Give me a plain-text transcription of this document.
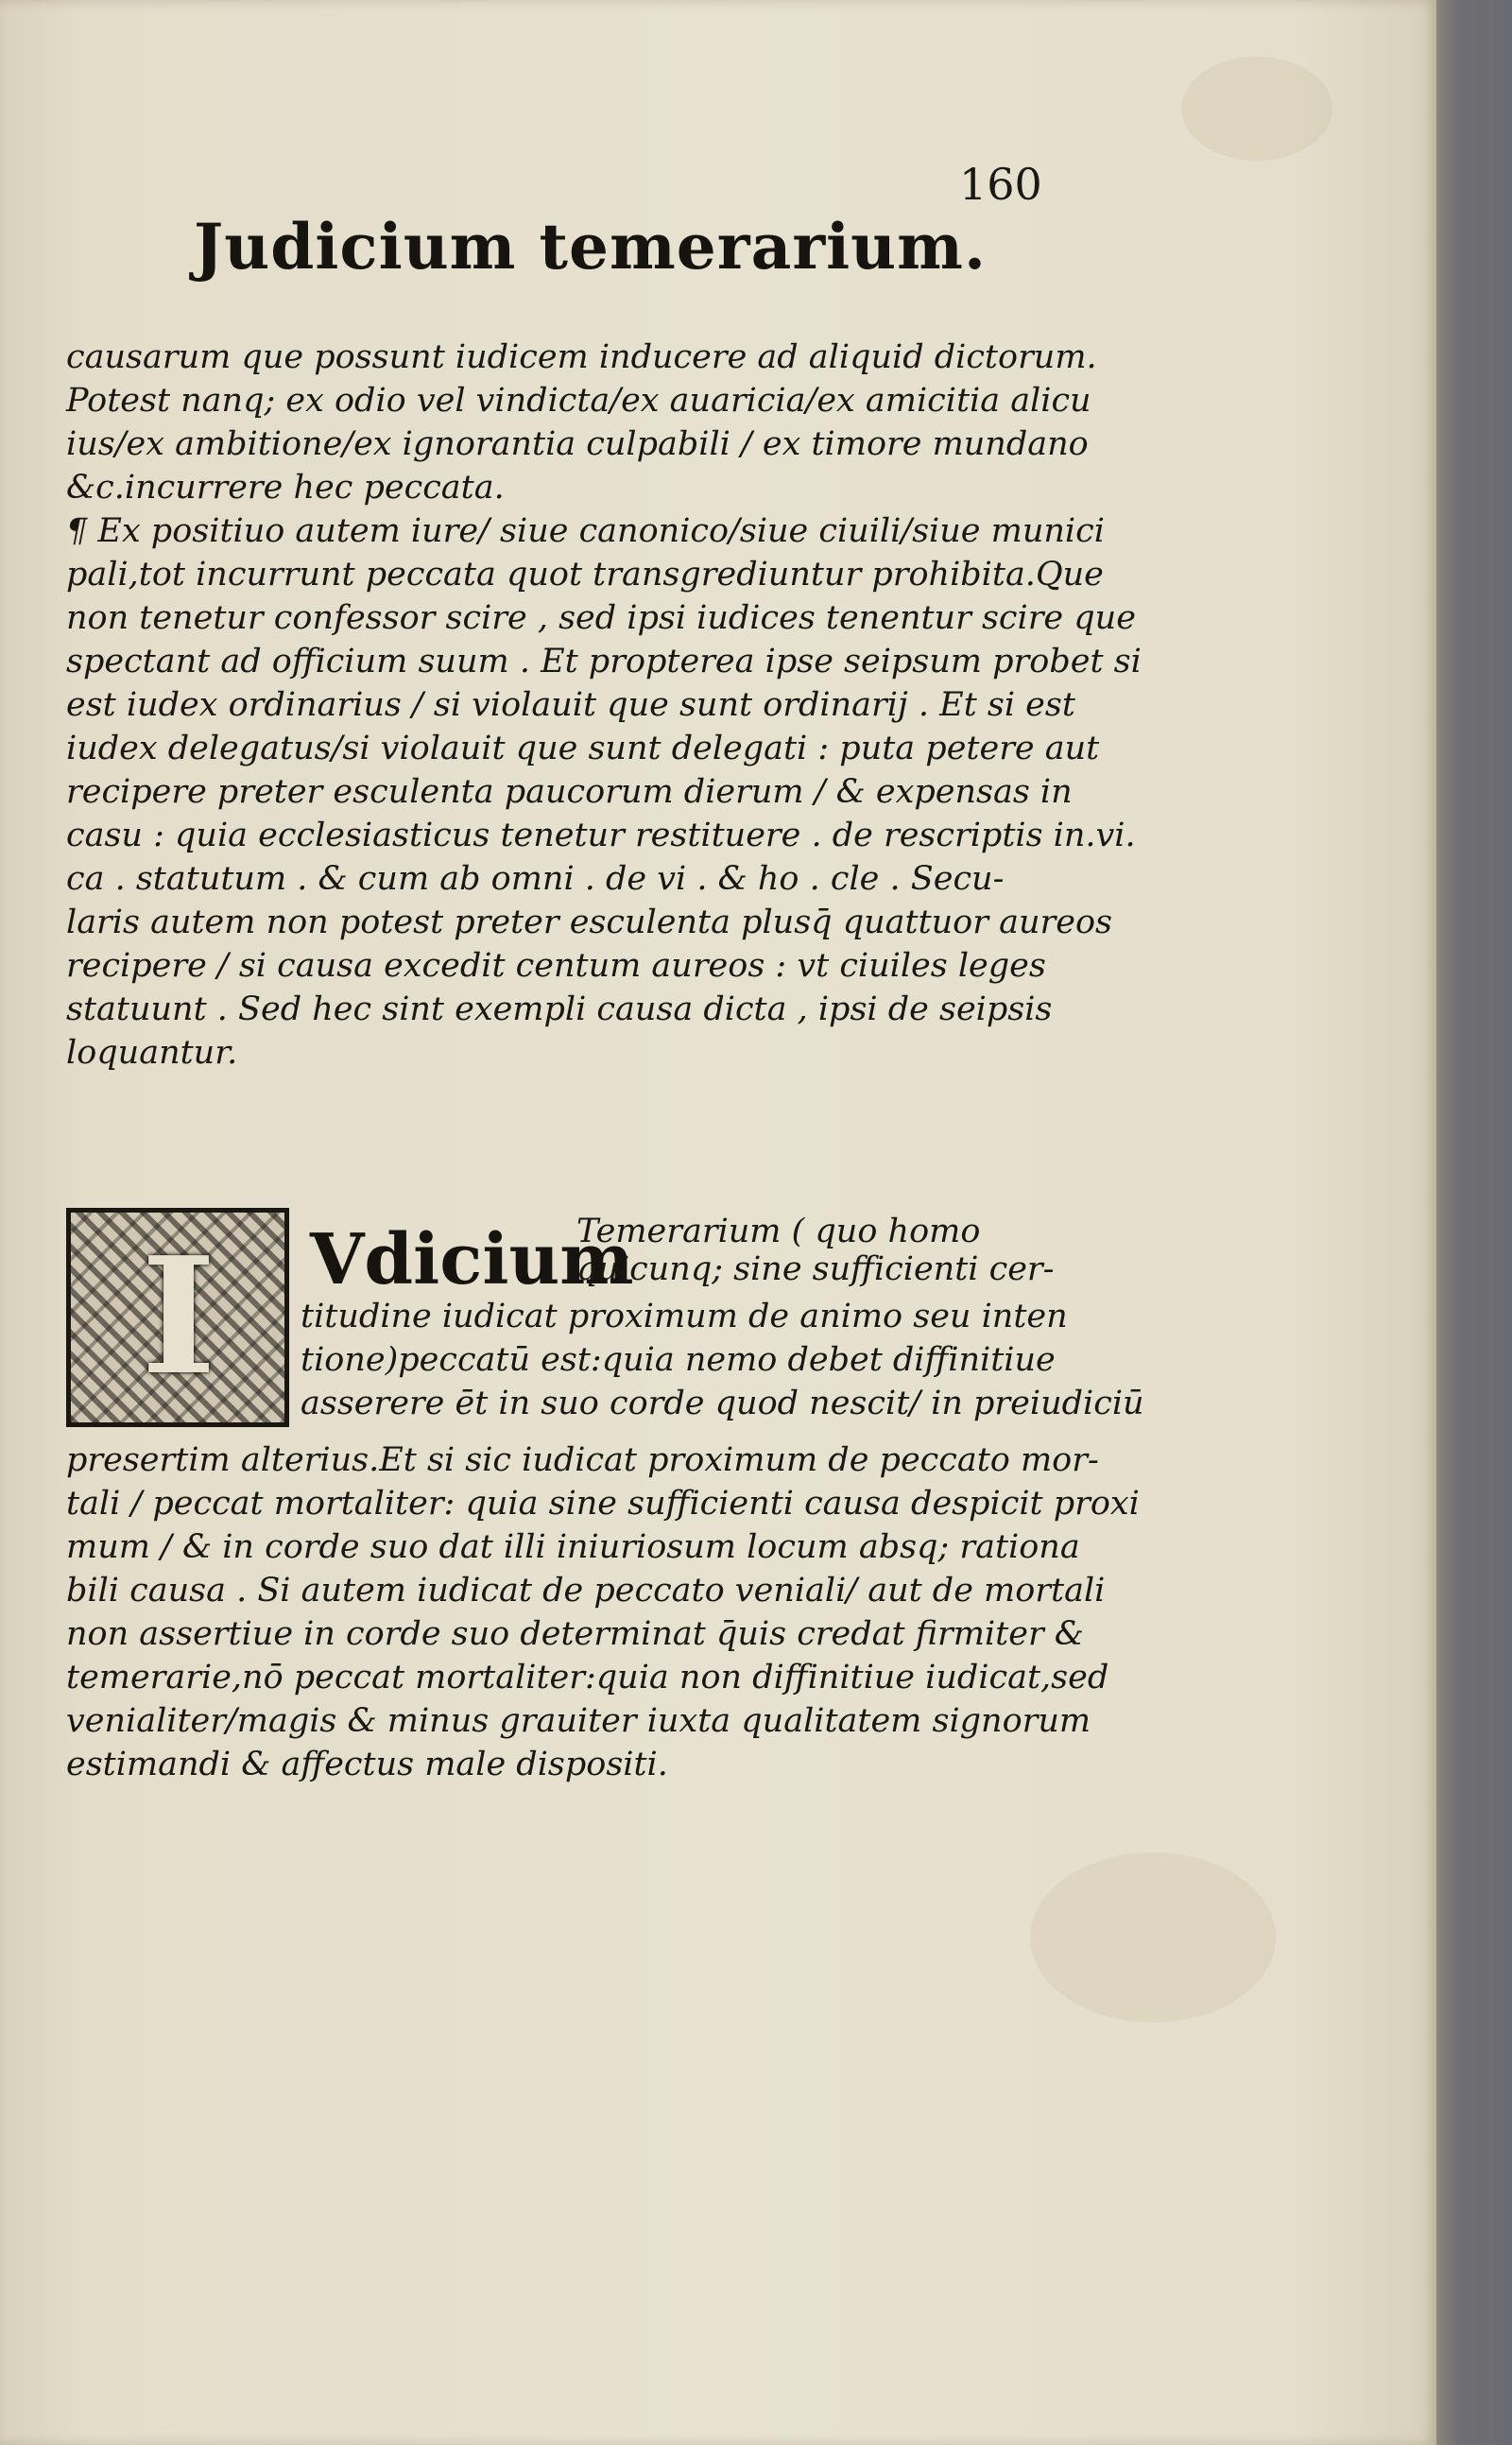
160

Judicium temerarium.
causarum que possunt iudicem inducere ad aliquid dictorum.
Potest nanq; ex odio vel vindicta/ex auaricia/ex amicitia alicu
ius/ex ambitione/ex ignorantia culpabili / ex timore mundano
&c.incurrere hec peccata.
¶ Ex positiuo autem iure/ siue canonico/siue ciuili/siue munici
pali,tot incurrunt peccata quot transgrediuntur prohibita.Que
non tenetur confessor scire , sed ipsi iudices tenentur scire que
spectant ad officium suum . Et propterea ipse seipsum probet si
est iudex ordinarius / si violauit que sunt ordinarij . Et si est
iudex delegatus/si violauit que sunt delegati : puta petere aut
recipere preter esculenta paucorum dierum / & expensas in
casu : quia ecclesiasticus tenetur restituere . de rescriptis in.vi.
ca . statutum . & cum ab omni . de vi . & ho . cle . Secu-
laris autem non potest preter esculenta plusq̄ quattuor aureos
recipere / si causa excedit centum aureos : vt ciuiles leges
statuunt . Sed hec sint exempli causa dicta , ipsi de seipsis
loquantur.
I	Vdicium
Temerarium ( quo homo
quicunq; sine sufficienti cer-
titudine iudicat proximum de animo seu inten
tione)peccatū est:quia nemo debet diffinitiue
asserere ēt in suo corde quod nescit/ in preiudiciū
presertim alterius.Et si sic iudicat proximum de peccato mor-
tali / peccat mortaliter: quia sine sufficienti causa despicit proxi
mum / & in corde suo dat illi iniuriosum locum absq; rationa
bili causa . Si autem iudicat de peccato veniali/ aut de mortali
non assertiue in corde suo determinat q̄uis credat firmiter &
temerarie,nō peccat mortaliter:quia non diffinitiue iudicat,sed
venialiter/magis & minus grauiter iuxta qualitatem signorum
estimandi & affectus male dispositi.
